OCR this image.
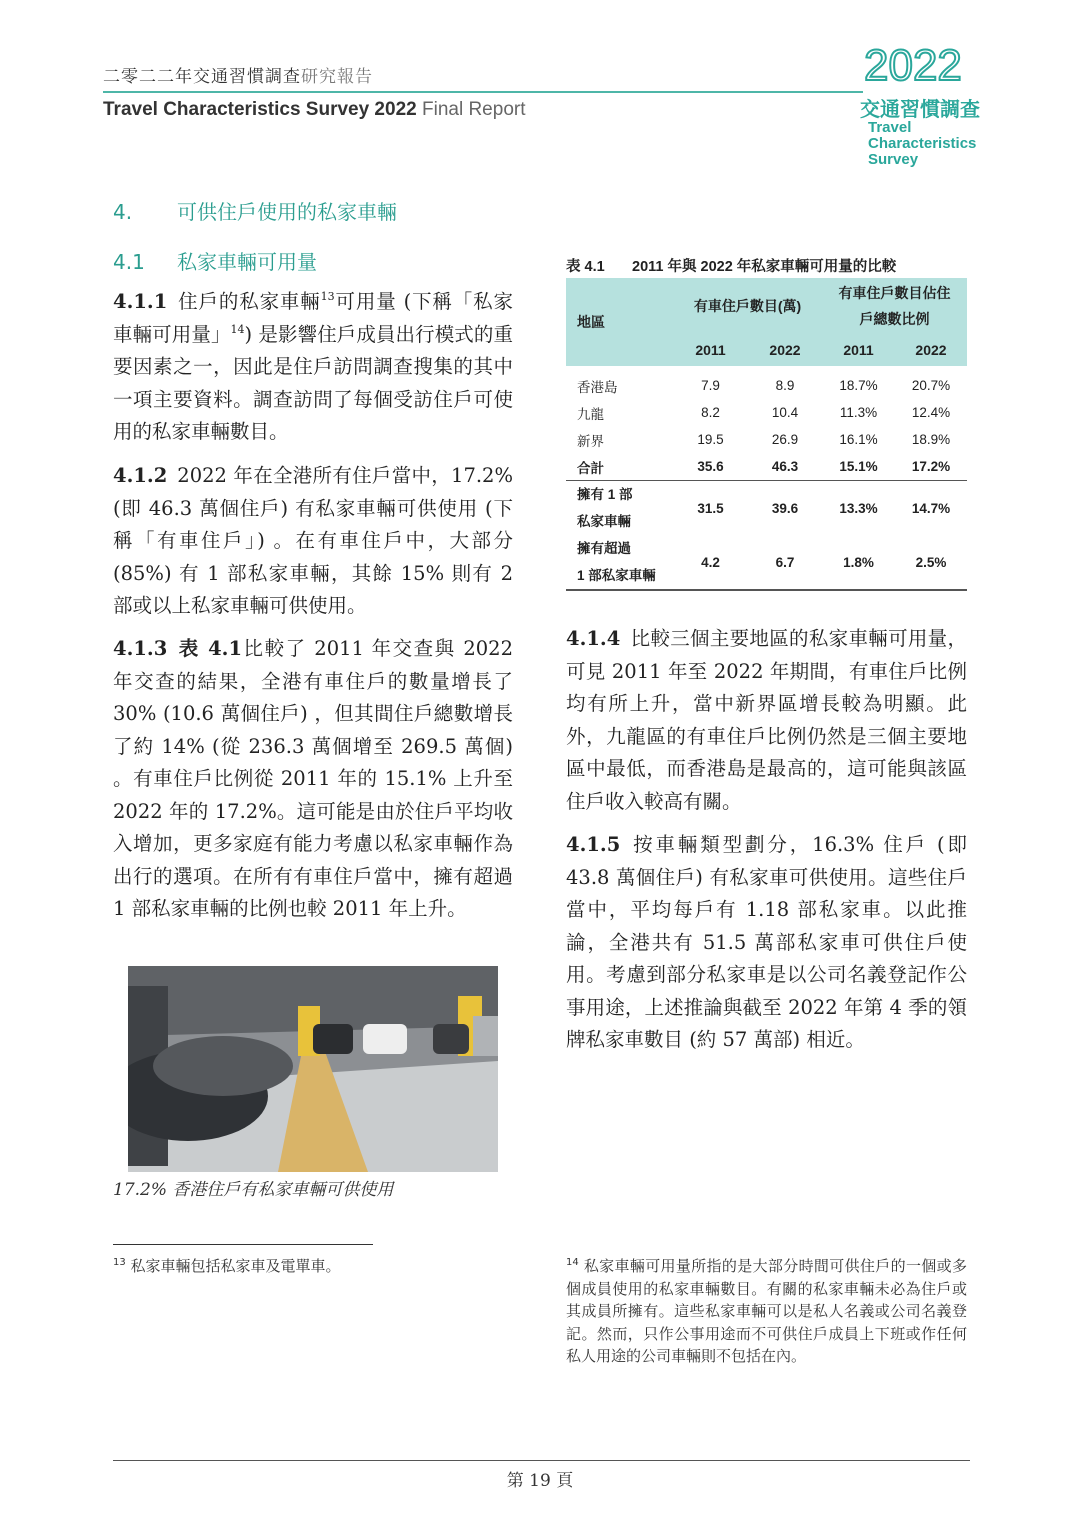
二零二二年交通習慣調查研究報告
Travel Characteristics Survey 2022 Final Report
2022
交通習慣調查
Travel
Characteristics
Survey
4. 可供住戶使用的私家車輛
4.1 私家車輛可用量
4.1.1 住戶的私家車輛$^{13}$可用量 (下稱「私家車輛可用量」$^{14}$) 是影響住戶成員出行模式的重要因素之一，因此是住戶訪問調查搜集的其中一項主要資料。調查訪問了每個受訪住戶可使用的私家車輛數目。
4.1.2 2022 年在全港所有住戶當中，17.2% (即 46.3 萬個住戶) 有私家車輛可供使用 (下稱「有車住戶」) 。在有車住戶中，大部分 (85%) 有 1 部私家車輛，其餘 15% 則有 2 部或以上私家車輛可供使用。
4.1.3 表 4.1比較了 2011 年交查與 2022 年交查的結果，全港有車住戶的數量增長了 30% (10.6 萬個住戶) ，但其間住戶總數增長了約 14% (從 236.3 萬個增至 269.5 萬個) 。有車住戶比例從 2011 年的 15.1% 上升至 2022 年的 17.2%。這可能是由於住戶平均收入增加，更多家庭有能力考慮以私家車輛作為出行的選項。在所有有車住戶當中，擁有超過 1 部私家車輛的比例也較 2011 年上升。
17.2% 香港住戶有私家車輛可供使用
表 4.1 2011 年與 2022 年私家車輛可用量的比較
地區	有車住戶數目(萬)		有車住戶數目佔住戶總數比例	
	2011	2022	2011	2022
香港島	7.9	8.9	18.7%	20.7%
九龍	8.2	10.4	11.3%	12.4%
新界	19.5	26.9	16.1%	18.9%
合計	35.6	46.3	15.1%	17.2%

擁有 1 部
私家車輛	31.5	39.6	13.3%	14.7%

擁有超過
1 部私家車輛	4.2	6.7	1.8%	2.5%
4.1.4 比較三個主要地區的私家車輛可用量， 可見 2011 年至 2022 年期間，有車住戶比例均有所上升，當中新界區增長較為明顯。此外，九龍區的有車住戶比例仍然是三個主要地區中最低，而香港島是最高的，這可能與該區住戶收入較高有關。
4.1.5 按車輛類型劃分，16.3% 住戶 (即 43.8 萬個住戶) 有私家車可供使用。這些住戶當中，平均每戶有 1.18 部私家車。以此推論，全港共有 51.5 萬部私家車可供住戶使用。考慮到部分私家車是以公司名義登記作公事用途，上述推論與截至 2022 年第 4 季的領牌私家車數目 (約 57 萬部) 相近。
$^{13}$ 私家車輛包括私家車及電單車。	$^{14}$ 私家車輛可用量所指的是大部分時間可供住戶的一個或多個成員使用的私家車輛數目。有關的私家車輛未必為住戶或其成員所擁有。這些私家車輛可以是私人名義或公司名義登記。然而，只作公事用途而不可供住戶成員上下班或作任何私人用途的公司車輛則不包括在內。
第 19 頁
